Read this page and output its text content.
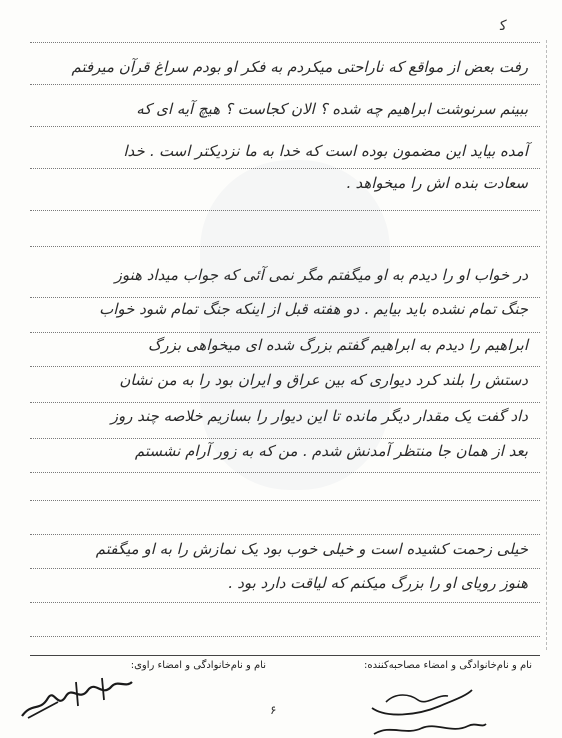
ﮐ
رفت بعض از مواقع که ناراحتی میکردم به فکر او بودم سراغ قرآن میرفتم
ببینم سرنوشت ابراهیم چه شده ؟ الان کجاست ؟ هیچ آیه ای که
آمده بیاید این مضمون بوده است که خدا به ما نزدیکتر است . خدا
سعادت بنده اش را میخواهد .
در خواب او را دیدم به او میگفتم مگر نمی آئی که جواب میداد هنوز
جنگ تمام نشده باید بیایم . دو هفته قبل از اینکه جنگ تمام شود خواب
ابراهیم را دیدم به ابراهیم گفتم بزرگ شده ای میخواهی بزرگ
دستش را بلند کرد دیواری که بین عراق و ایران بود را به من نشان
داد گفت یک مقدار دیگر مانده تا این دیوار را بسازیم خلاصه چند روز
بعد از همان جا منتظر آمدنش شدم . من که به زور آرام نشستم
خیلی زحمت کشیده است و خیلی خوب بود یک نمازش را به او میگفتم
هنوز رویای او را بزرگ میکنم که لیاقت دارد بود .
نام و نام‌خانوادگی و امضاء مصاحبه‌کننده:
نام و نام‌خانوادگی و امضاء راوی:
۶
